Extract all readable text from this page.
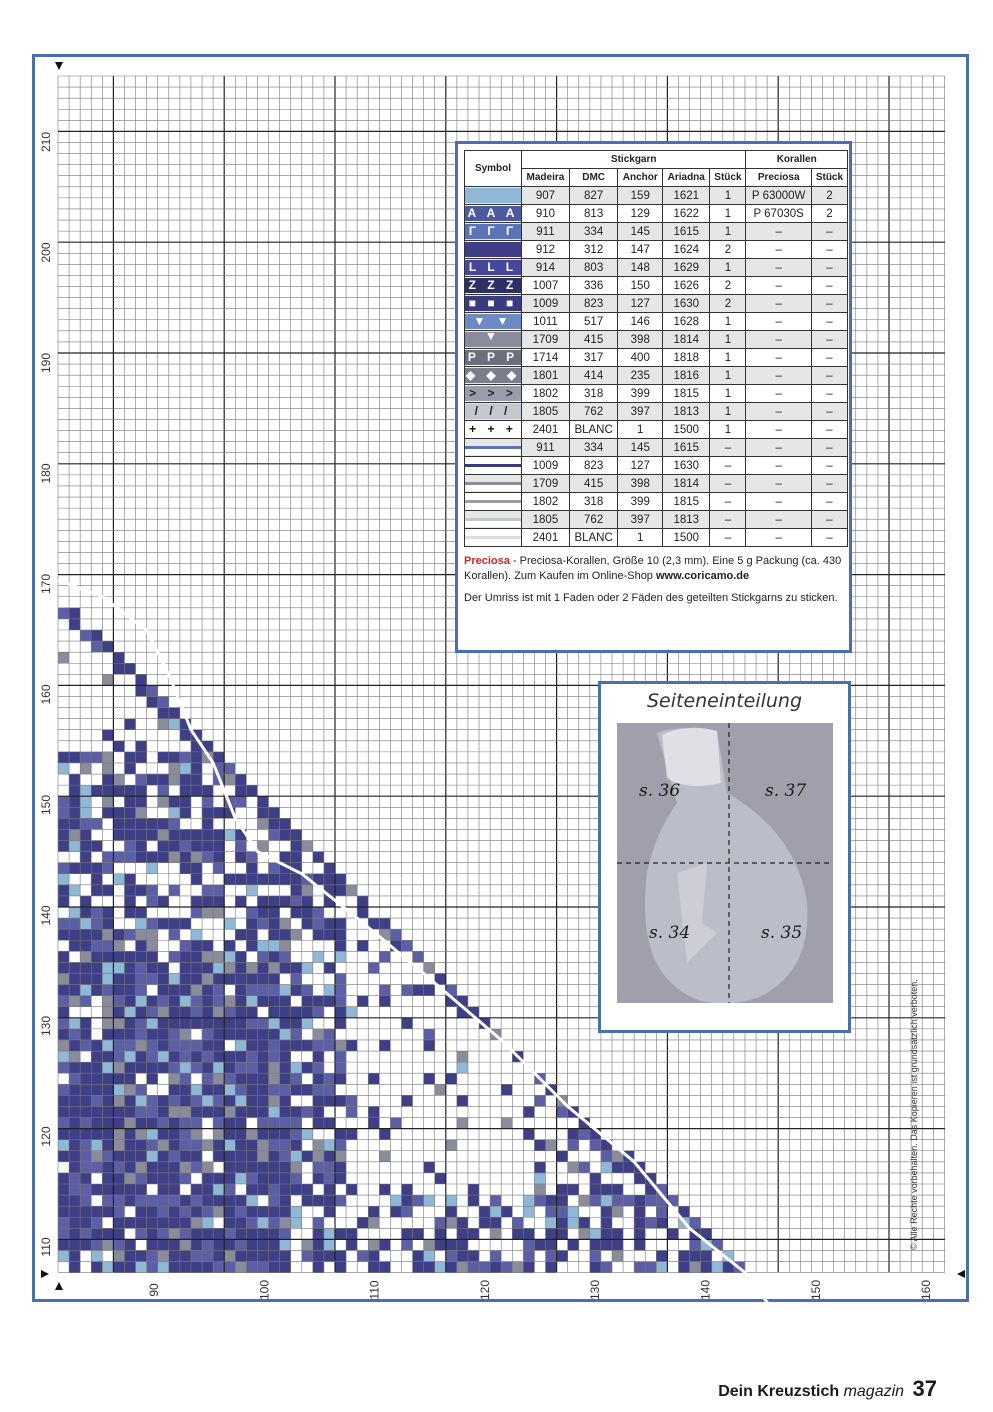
210
200
190
180
170
160
150
140
130
120
110
90	100	110	120	130	140	150	160
Symbol	Stickgarn					Korallen	
	Madeira	DMC	Anchor	Ariadna	Stück	Preciosa	Stück

	907	827	159	1621	1	P 63000W	2

A A A	910	813	129	1622	1	P 67030S	2

Γ Γ Γ	911	334	145	1615	1	–	–

	912	312	147	1624	2	–	–

L L L	914	803	148	1629	1	–	–

Z Z Z	1007	336	150	1626	2	–	–

■ ■ ■	1009	823	127	1630	2	–	–

▼ ▼ ▼	1011	517	146	1628	1	–	–

	1709	415	398	1814	1	–	–

P P P	1714	317	400	1818	1	–	–

◆ ◆ ◆	1801	414	235	1816	1	–	–

> > >	1802	318	399	1815	1	–	–

/ / /	1805	762	397	1813	1	–	–

+ + +	2401	BLANC	1	1500	1	–	–

	911	334	145	1615	–	–	–

	1009	823	127	1630	–	–	–

	1709	415	398	1814	–	–	–

	1802	318	399	1815	–	–	–

	1805	762	397	1813	–	–	–

	2401	BLANC	1	1500	–	–	–
Preciosa - Preciosa-Korallen, Größe 10 (2,3 mm). Eine 5 g Packung (ca. 430 Korallen). Zum Kaufen im Online-Shop www.coricamo.de
Der Umriss ist mit 1 Faden oder 2 Fäden des geteilten Stickgarns zu sticken.
Seiteneinteilung
s. 36	s. 37
s. 34	s. 35
© Alle Rechte vorbehalten. Das Kopieren ist grundsätzlich verboten.
Dein Kreuzstich magazin 37
